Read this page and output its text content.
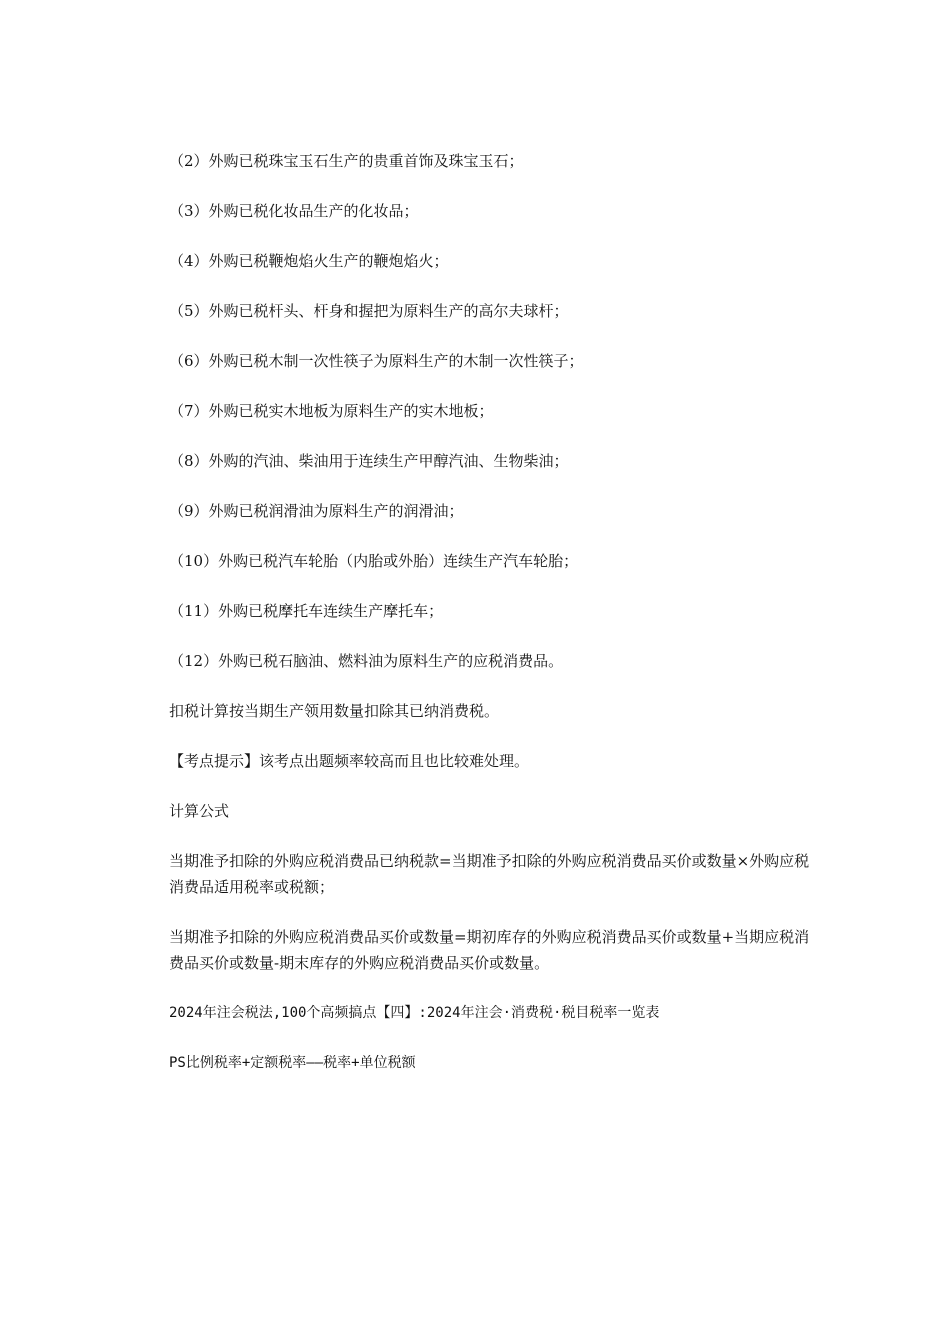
（2）外购已税珠宝玉石生产的贵重首饰及珠宝玉石；

（3）外购已税化妆品生产的化妆品；

（4）外购已税鞭炮焰火生产的鞭炮焰火；

（5）外购已税杆头、杆身和握把为原料生产的高尔夫球杆；

（6）外购已税木制一次性筷子为原料生产的木制一次性筷子；

（7）外购已税实木地板为原料生产的实木地板；

（8）外购的汽油、柴油用于连续生产甲醇汽油、生物柴油；

（9）外购已税润滑油为原料生产的润滑油；

（10）外购已税汽车轮胎（内胎或外胎）连续生产汽车轮胎；

（11）外购已税摩托车连续生产摩托车；

（12）外购已税石脑油、燃料油为原料生产的应税消费品。

扣税计算按当期生产领用数量扣除其已纳消费税。

【考点提示】该考点出题频率较高而且也比较难处理。

计算公式

当期准予扣除的外购应税消费品已纳税款=当期准予扣除的外购应税消费品买价或数量×外购应税消费品适用税率或税额；

当期准予扣除的外购应税消费品买价或数量=期初库存的外购应税消费品买价或数量+当期应税消费品买价或数量-期末库存的外购应税消费品买价或数量。

2024年注会税法,100个高频搞点【四】:2024年注会·消费税·税目税率一览表

PS比例税率+定额税率——税率+单位税额
